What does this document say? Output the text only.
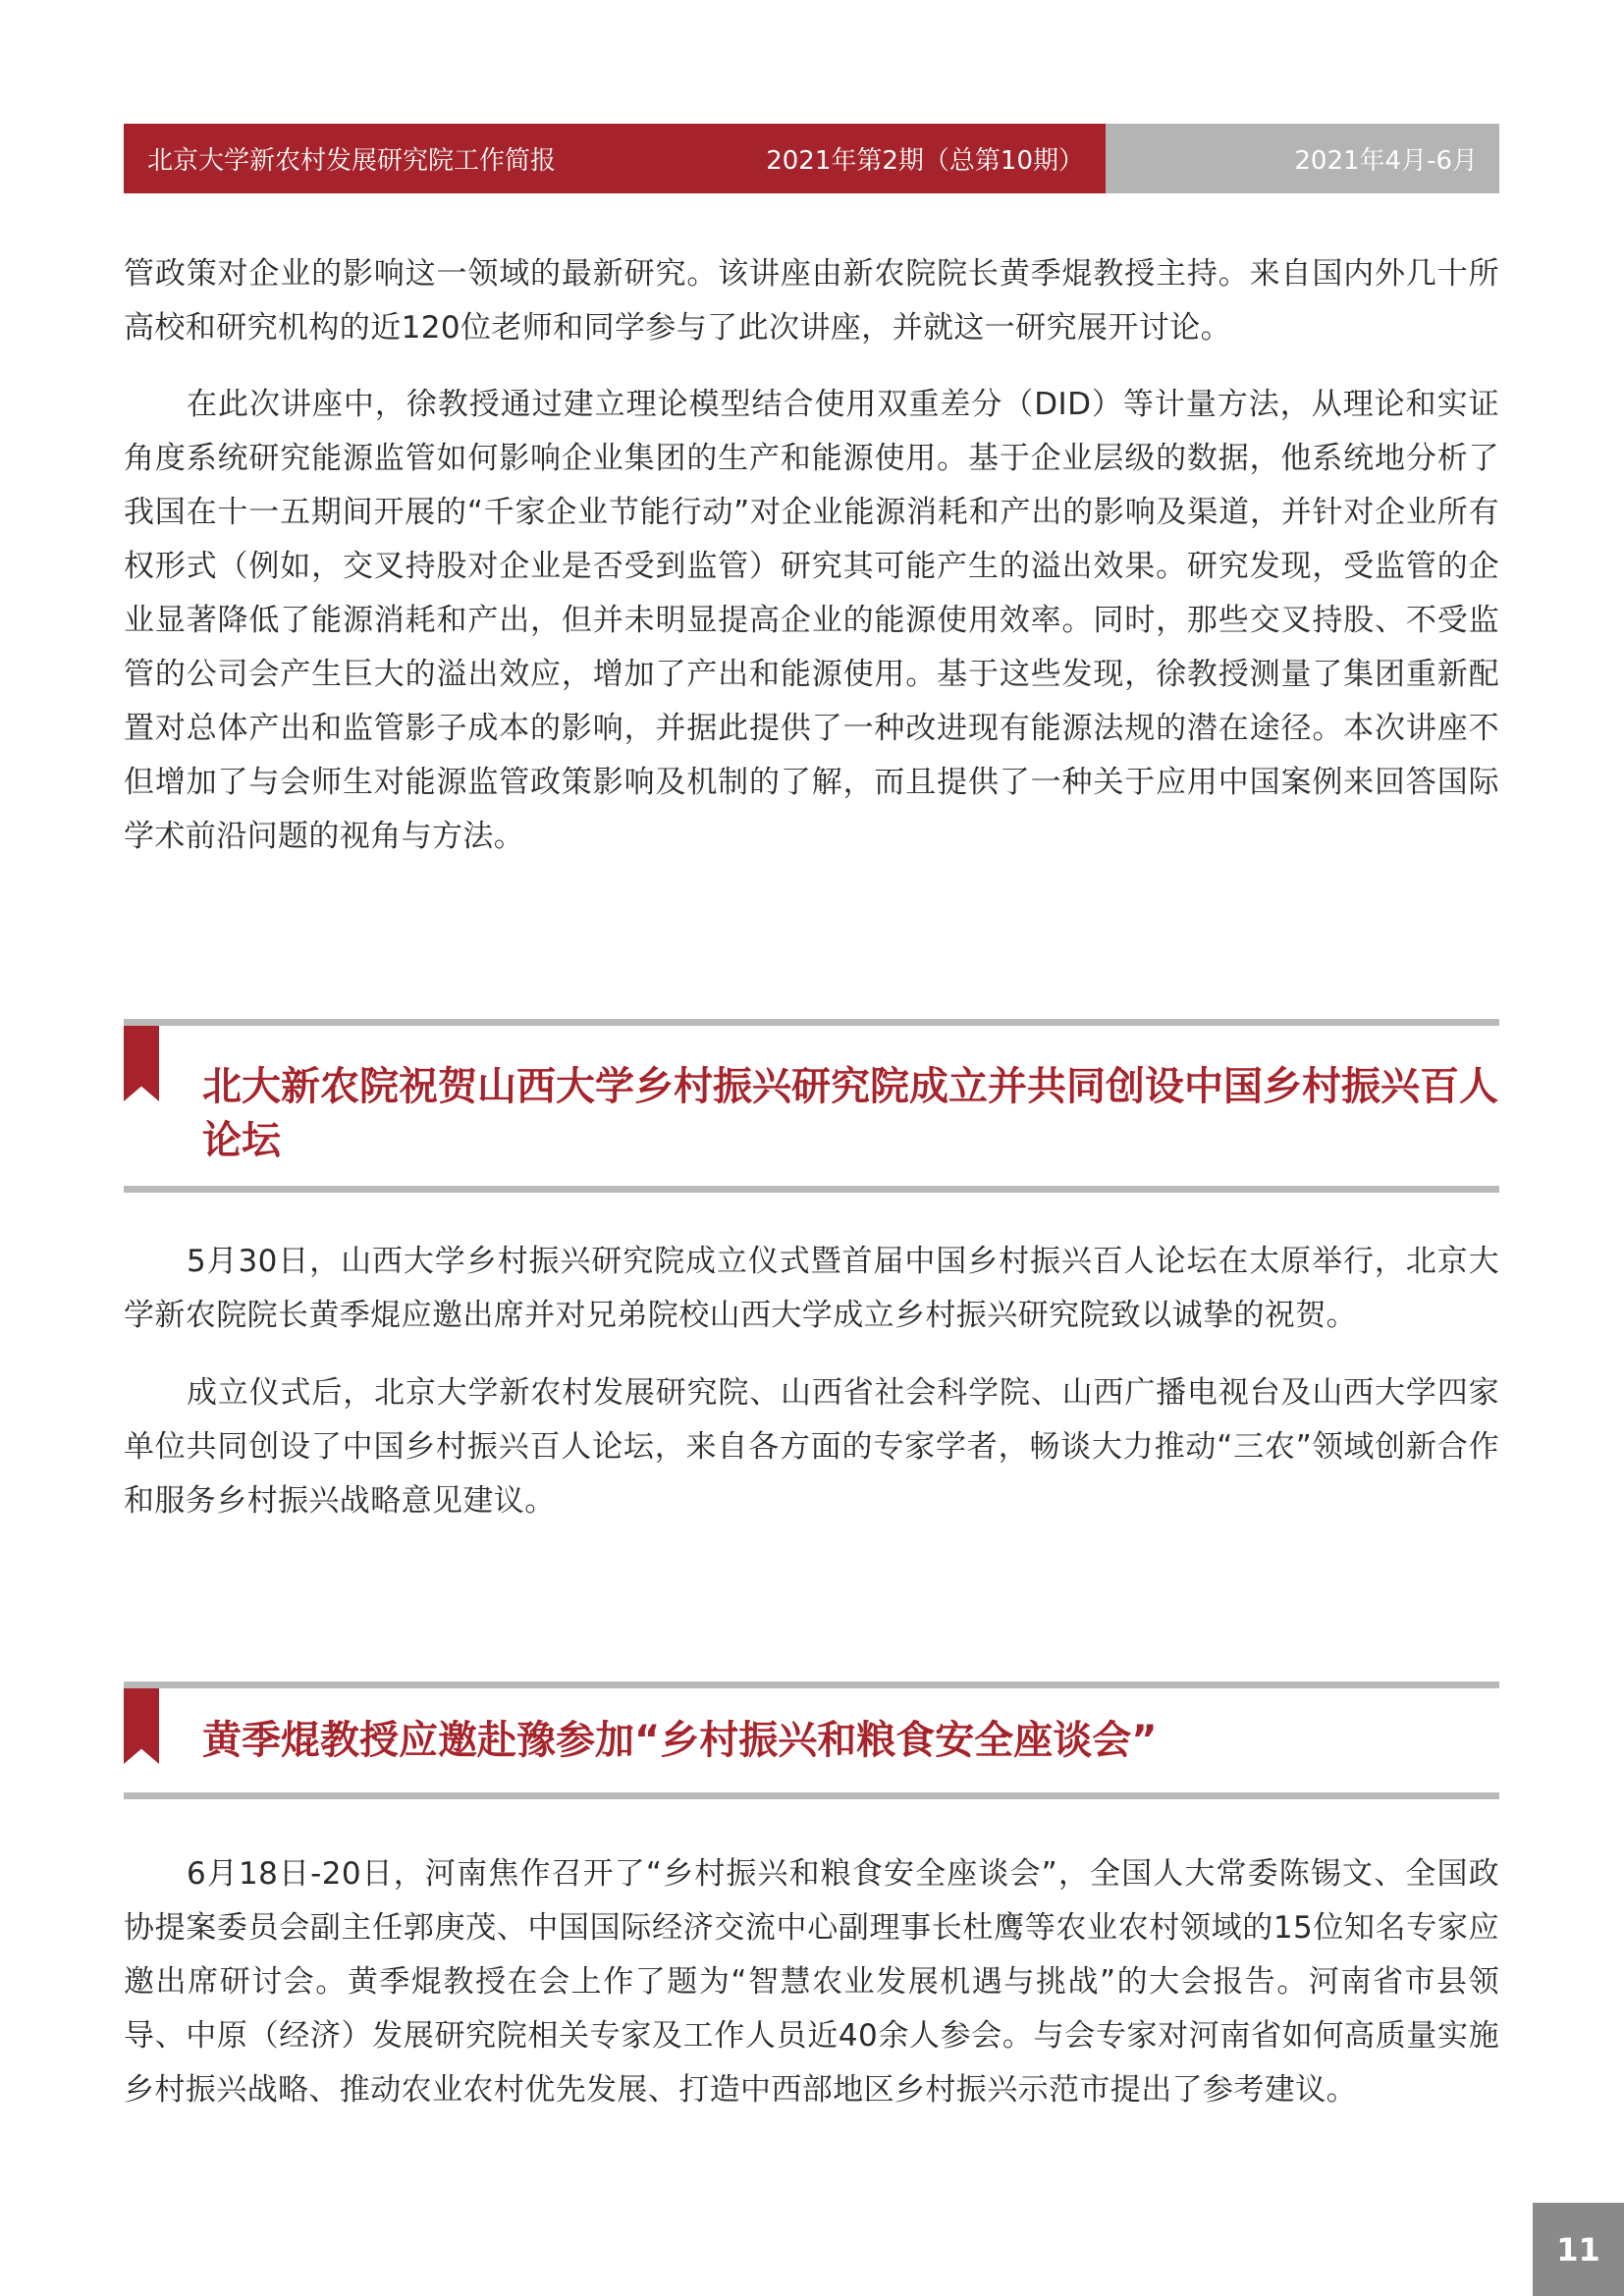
北京大学新农村发展研究院工作简报	2021年第2期（总第10期）	2021年4月-6月

管政策对企业的影响这一领域的最新研究。该讲座由新农院院长黄季焜教授主持。来自国内外几十所高校和研究机构的近120位老师和同学参与了此次讲座，并就这一研究展开讨论。

在此次讲座中，徐教授通过建立理论模型结合使用双重差分（DID）等计量方法，从理论和实证角度系统研究能源监管如何影响企业集团的生产和能源使用。基于企业层级的数据，他系统地分析了我国在十一五期间开展的“千家企业节能行动”对企业能源消耗和产出的影响及渠道，并针对企业所有权形式（例如，交叉持股对企业是否受到监管）研究其可能产生的溢出效果。研究发现，受监管的企业显著降低了能源消耗和产出，但并未明显提高企业的能源使用效率。同时，那些交叉持股、不受监管的公司会产生巨大的溢出效应，增加了产出和能源使用。基于这些发现，徐教授测量了集团重新配置对总体产出和监管影子成本的影响，并据此提供了一种改进现有能源法规的潜在途径。本次讲座不但增加了与会师生对能源监管政策影响及机制的了解，而且提供了一种关于应用中国案例来回答国际学术前沿问题的视角与方法。

北大新农院祝贺山西大学乡村振兴研究院成立并共同创设中国乡村振兴百人论坛

5月30日，山西大学乡村振兴研究院成立仪式暨首届中国乡村振兴百人论坛在太原举行，北京大学新农院院长黄季焜应邀出席并对兄弟院校山西大学成立乡村振兴研究院致以诚挚的祝贺。

成立仪式后，北京大学新农村发展研究院、山西省社会科学院、山西广播电视台及山西大学四家单位共同创设了中国乡村振兴百人论坛，来自各方面的专家学者，畅谈大力推动“三农”领域创新合作和服务乡村振兴战略意见建议。

黄季焜教授应邀赴豫参加“乡村振兴和粮食安全座谈会”

6月18日-20日，河南焦作召开了“乡村振兴和粮食安全座谈会”，全国人大常委陈锡文、全国政协提案委员会副主任郭庚茂、中国国际经济交流中心副理事长杜鹰等农业农村领域的15位知名专家应邀出席研讨会。黄季焜教授在会上作了题为“智慧农业发展机遇与挑战”的大会报告。河南省市县领导、中原（经济）发展研究院相关专家及工作人员近40余人参会。与会专家对河南省如何高质量实施乡村振兴战略、推动农业农村优先发展、打造中西部地区乡村振兴示范市提出了参考建议。

11
